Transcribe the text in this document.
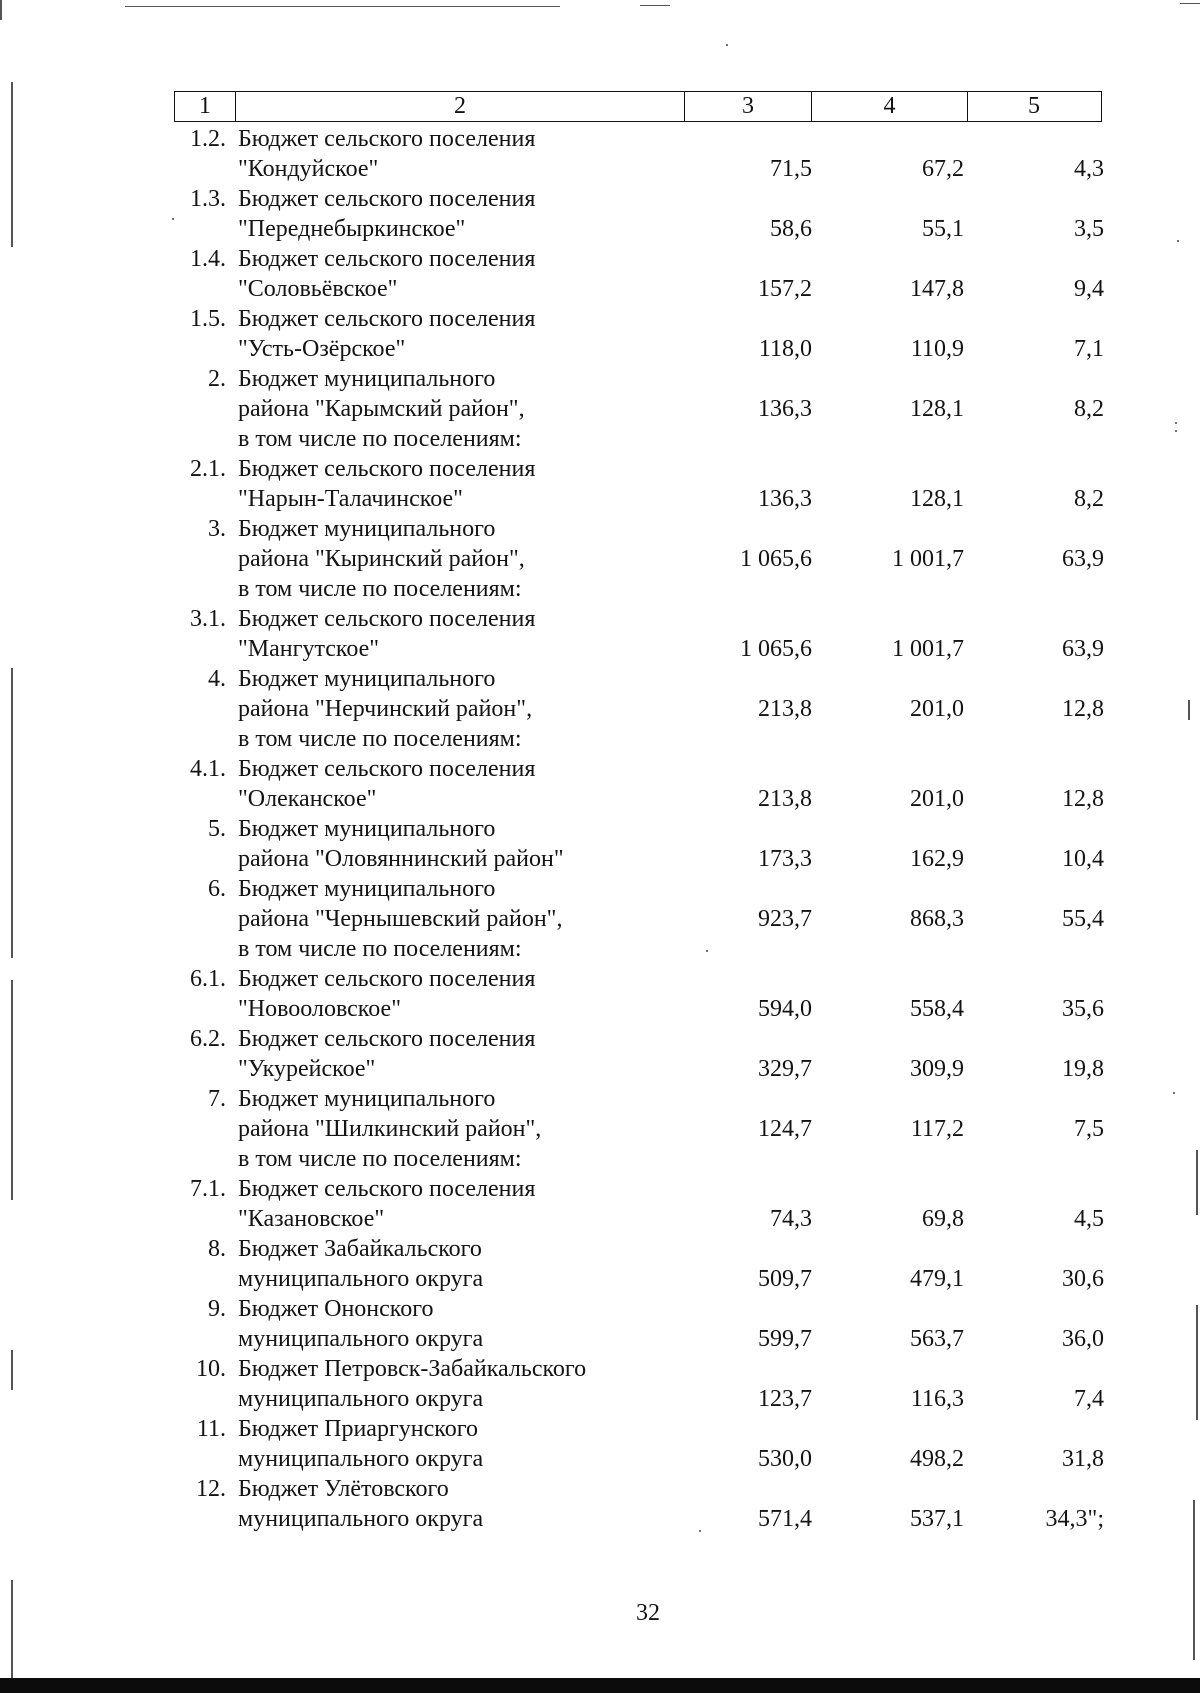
1	2	3	4	5
1.2. Бюджет сельского поселения
"Кондуйское"	71,5	67,2	4,3
1.3. Бюджет сельского поселения
"Переднебыркинское"	58,6	55,1	3,5
1.4. Бюджет сельского поселения
"Соловьёвское"	157,2	147,8	9,4
1.5. Бюджет сельского поселения
"Усть-Озёрское"	118,0	110,9	7,1
2. Бюджет муниципального
района "Карымский район",
в том числе по поселениям:
136,3	128,1	8,2
2.1. Бюджет сельского поселения
"Нарын-Талачинское"	136,3	128,1	8,2
3. Бюджет муниципального
района "Кыринский район",
в том числе по поселениям:
1 065,6	1 001,7	63,9
3.1. Бюджет сельского поселения
"Мангутское"	1 065,6	1 001,7	63,9
4. Бюджет муниципального
района "Нерчинский район",
в том числе по поселениям:
213,8	201,0	12,8
4.1. Бюджет сельского поселения
"Олеканское"	213,8	201,0	12,8
5. Бюджет муниципального
района "Оловяннинский район"	173,3	162,9	10,4
6. Бюджет муниципального
района "Чернышевский район",
в том числе по поселениям:
923,7	868,3	55,4
6.1. Бюджет сельского поселения
"Новооловское"	594,0	558,4	35,6
6.2. Бюджет сельского поселения
"Укурейское"	329,7	309,9	19,8
7. Бюджет муниципального
района "Шилкинский район",
в том числе по поселениям:
124,7	117,2	7,5
7.1. Бюджет сельского поселения
"Казановское"	74,3	69,8	4,5
8. Бюджет Забайкальского
муниципального округа	509,7	479,1	30,6
9. Бюджет Ононского
муниципального округа	599,7	563,7	36,0
10. Бюджет Петровск-Забайкальского
муниципального округа	123,7	116,3	7,4
11. Бюджет Приаргунского
муниципального округа	530,0	498,2	31,8
12. Бюджет Улётовского
муниципального округа	571,4	537,1	34,3";
32
